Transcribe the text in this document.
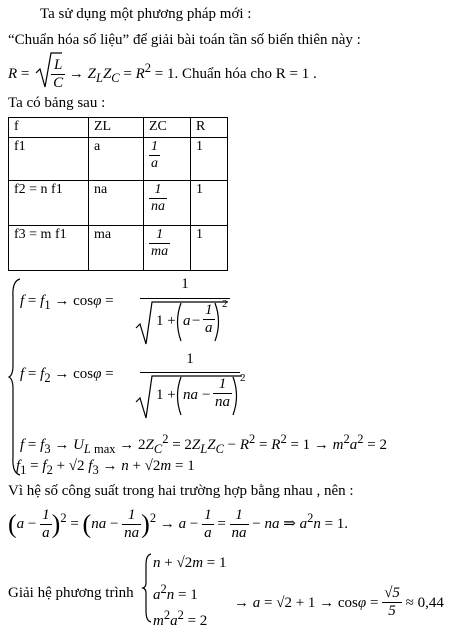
Ta sử dụng một phương pháp mới :
“Chuẩn hóa số liệu” để giải bài toán tần số biến thiên này :
$R = \frac{L}{C} \to Z_LZ_C = R^2 = 1$. Chuẩn hóa cho R = 1 .
Ta có bảng sau :
f	ZL	ZC	R
f1	a	$\frac{1}{a}$	1
f2 = n f1	na	$\frac{1}{na}$	1
f3 = m f1	ma	$\frac{1}{ma}$	1
$f = f_1 \to \cos\varphi$ =
1
$1 + a - \frac{1}{a} 2$
$f = f_2 \to \cos\varphi$ =
1
1 + na − $\frac{1}{na} 2$
$f = f_3 \to U_{L max} \to 2Z_C^2 = 2Z_LZ_C - R^2 = R^2 = 1 \to m^2a^2 = 2$
$f_1 = f_2 + √2$ $f_3 \to n + √2m = 1$
Vì hệ số công suất trong hai trường hợp bằng nhau , nên :
$(a - \frac{1}{a} )^2 = (na - \frac{1}{na} )^2 \to a - \frac{1}{a} = \frac{1}{na}$ − na ⇒ $a^2n = 1$.
Giải hệ phương trình
n + √2m = 1
$a^2n = 1$
$m^2a^2 = 2$
→ $a = √2 + 1 \to \cos\varphi = \frac{√5}{5} \approx 0,44$
